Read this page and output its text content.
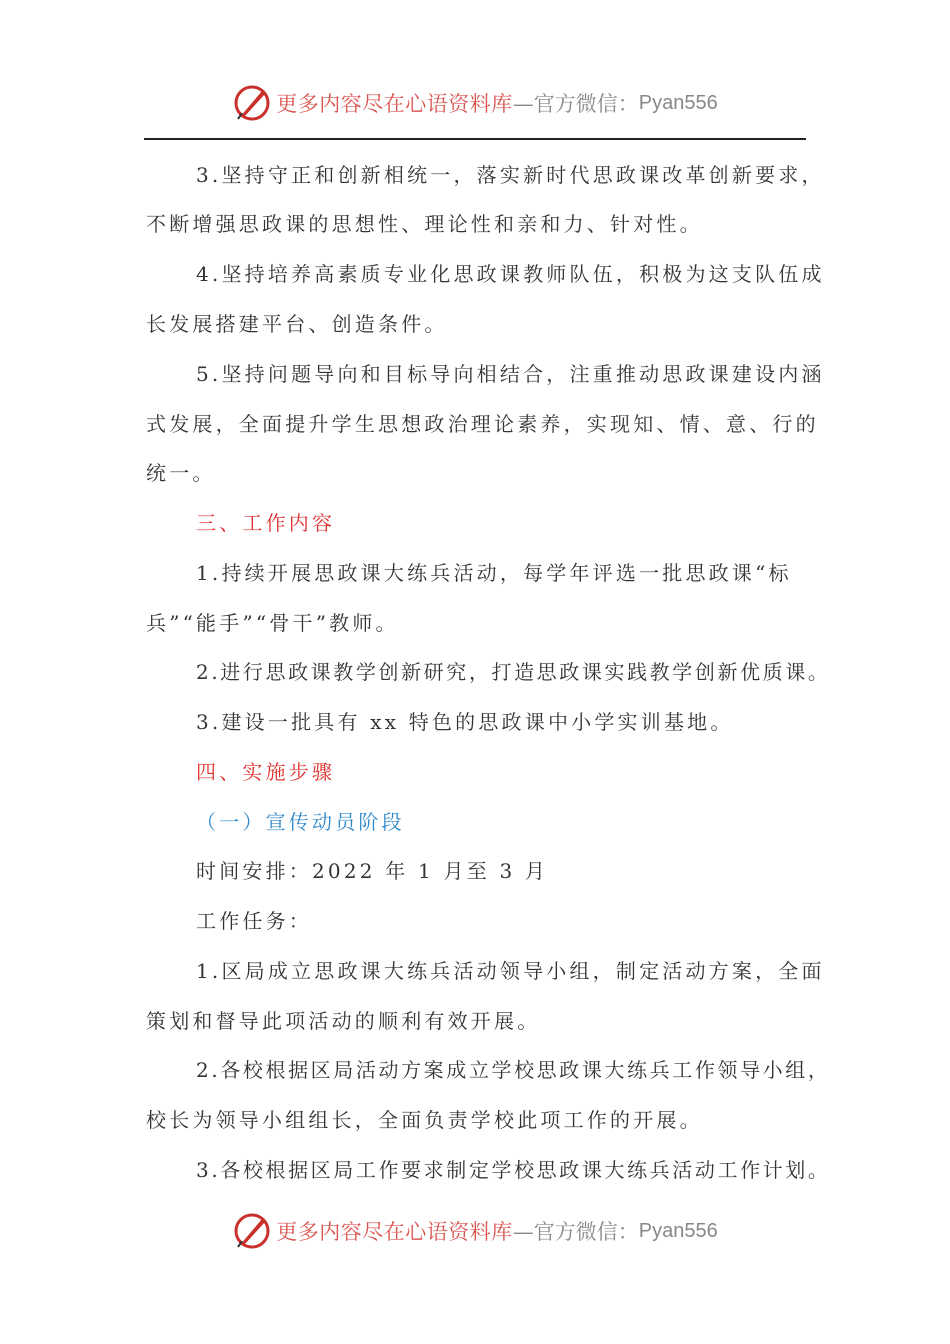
更多内容尽在心语资料库 —官方微信： Pyan556
3.坚持守正和创新相统一，落实新时代思政课改革创新要求，
不断增强思政课的思想性、理论性和亲和力、针对性。
4.坚持培养高素质专业化思政课教师队伍，积极为这支队伍成
长发展搭建平台、创造条件。
5.坚持问题导向和目标导向相结合，注重推动思政课建设内涵
式发展，全面提升学生思想政治理论素养，实现知、情、意、行的
统一。
三、工作内容
1.持续开展思政课大练兵活动，每学年评选一批思政课“标
兵”“能手”“骨干”教师。
2.进行思政课教学创新研究，打造思政课实践教学创新优质课。
3.建设一批具有 xx 特色的思政课中小学实训基地。
四、实施步骤
（一）宣传动员阶段
时间安排：2022 年 1 月至 3 月
工作任务：
1.区局成立思政课大练兵活动领导小组，制定活动方案，全面
策划和督导此项活动的顺利有效开展。
2.各校根据区局活动方案成立学校思政课大练兵工作领导小组，
校长为领导小组组长，全面负责学校此项工作的开展。
3.各校根据区局工作要求制定学校思政课大练兵活动工作计划。
更多内容尽在心语资料库 —官方微信： Pyan556
